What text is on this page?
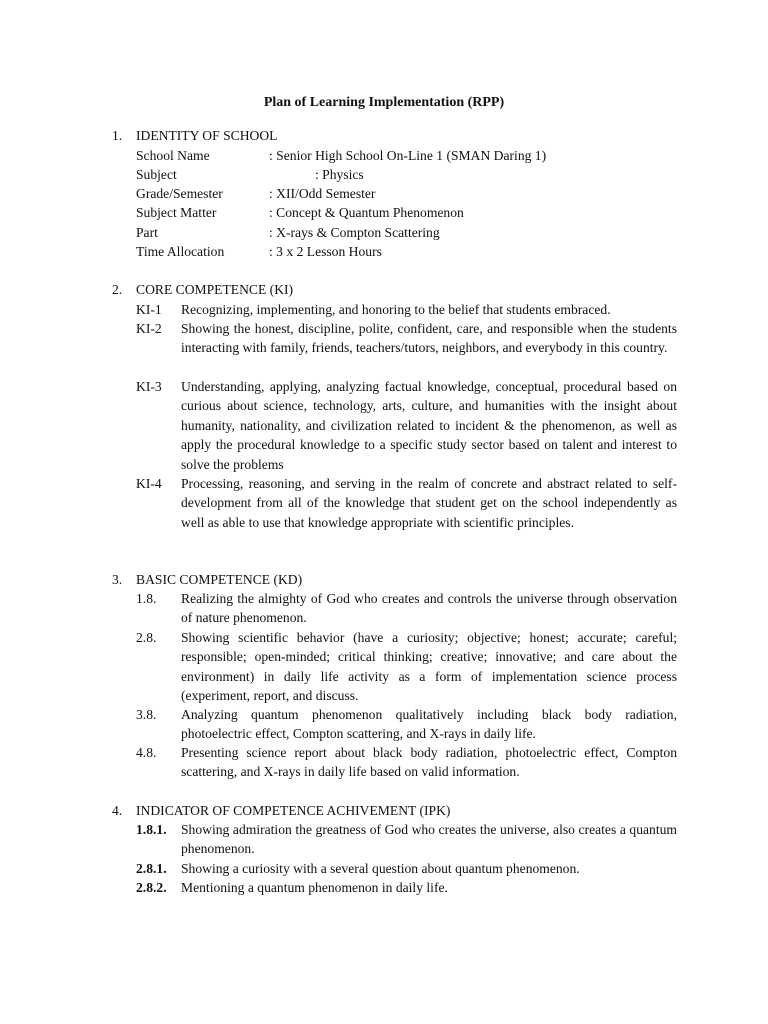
Plan of Learning Implementation (RPP)
1. IDENTITY OF SCHOOL
School Name	: Senior High School On-Line 1 (SMAN Daring 1)
Subject	: Physics
Grade/Semester	: XII/Odd Semester
Subject Matter	: Concept & Quantum Phenomenon
Part	: X-rays & Compton Scattering
Time Allocation	: 3 x 2 Lesson Hours
2. CORE COMPETENCE (KI)
KI-1 Recognizing, implementing, and honoring to the belief that students embraced.
KI-2 Showing the honest, discipline, polite, confident, care, and responsible when the students interacting with family, friends, teachers/tutors, neighbors, and everybody in this country.
KI-3 Understanding, applying, analyzing factual knowledge, conceptual, procedural based on curious about science, technology, arts, culture, and humanities with the insight about humanity, nationality, and civilization related to incident & the phenomenon, as well as apply the procedural knowledge to a specific study sector based on talent and interest to solve the problems
KI-4 Processing, reasoning, and serving in the realm of concrete and abstract related to self-development from all of the knowledge that student get on the school independently as well as able to use that knowledge appropriate with scientific principles.
3. BASIC COMPETENCE (KD)
1.8. Realizing the almighty of God who creates and controls the universe through observation of nature phenomenon.
2.8. Showing scientific behavior (have a curiosity; objective; honest; accurate; careful; responsible; open-minded; critical thinking; creative; innovative; and care about the environment) in daily life activity as a form of implementation science process (experiment, report, and discuss.
3.8. Analyzing quantum phenomenon qualitatively including black body radiation, photoelectric effect, Compton scattering, and X-rays in daily life.
4.8. Presenting science report about black body radiation, photoelectric effect, Compton scattering, and X-rays in daily life based on valid information.
4. INDICATOR OF COMPETENCE ACHIVEMENT (IPK)
1.8.1. Showing admiration the greatness of God who creates the universe, also creates a quantum phenomenon.
2.8.1. Showing a curiosity with a several question about quantum phenomenon.
2.8.2. Mentioning a quantum phenomenon in daily life.
